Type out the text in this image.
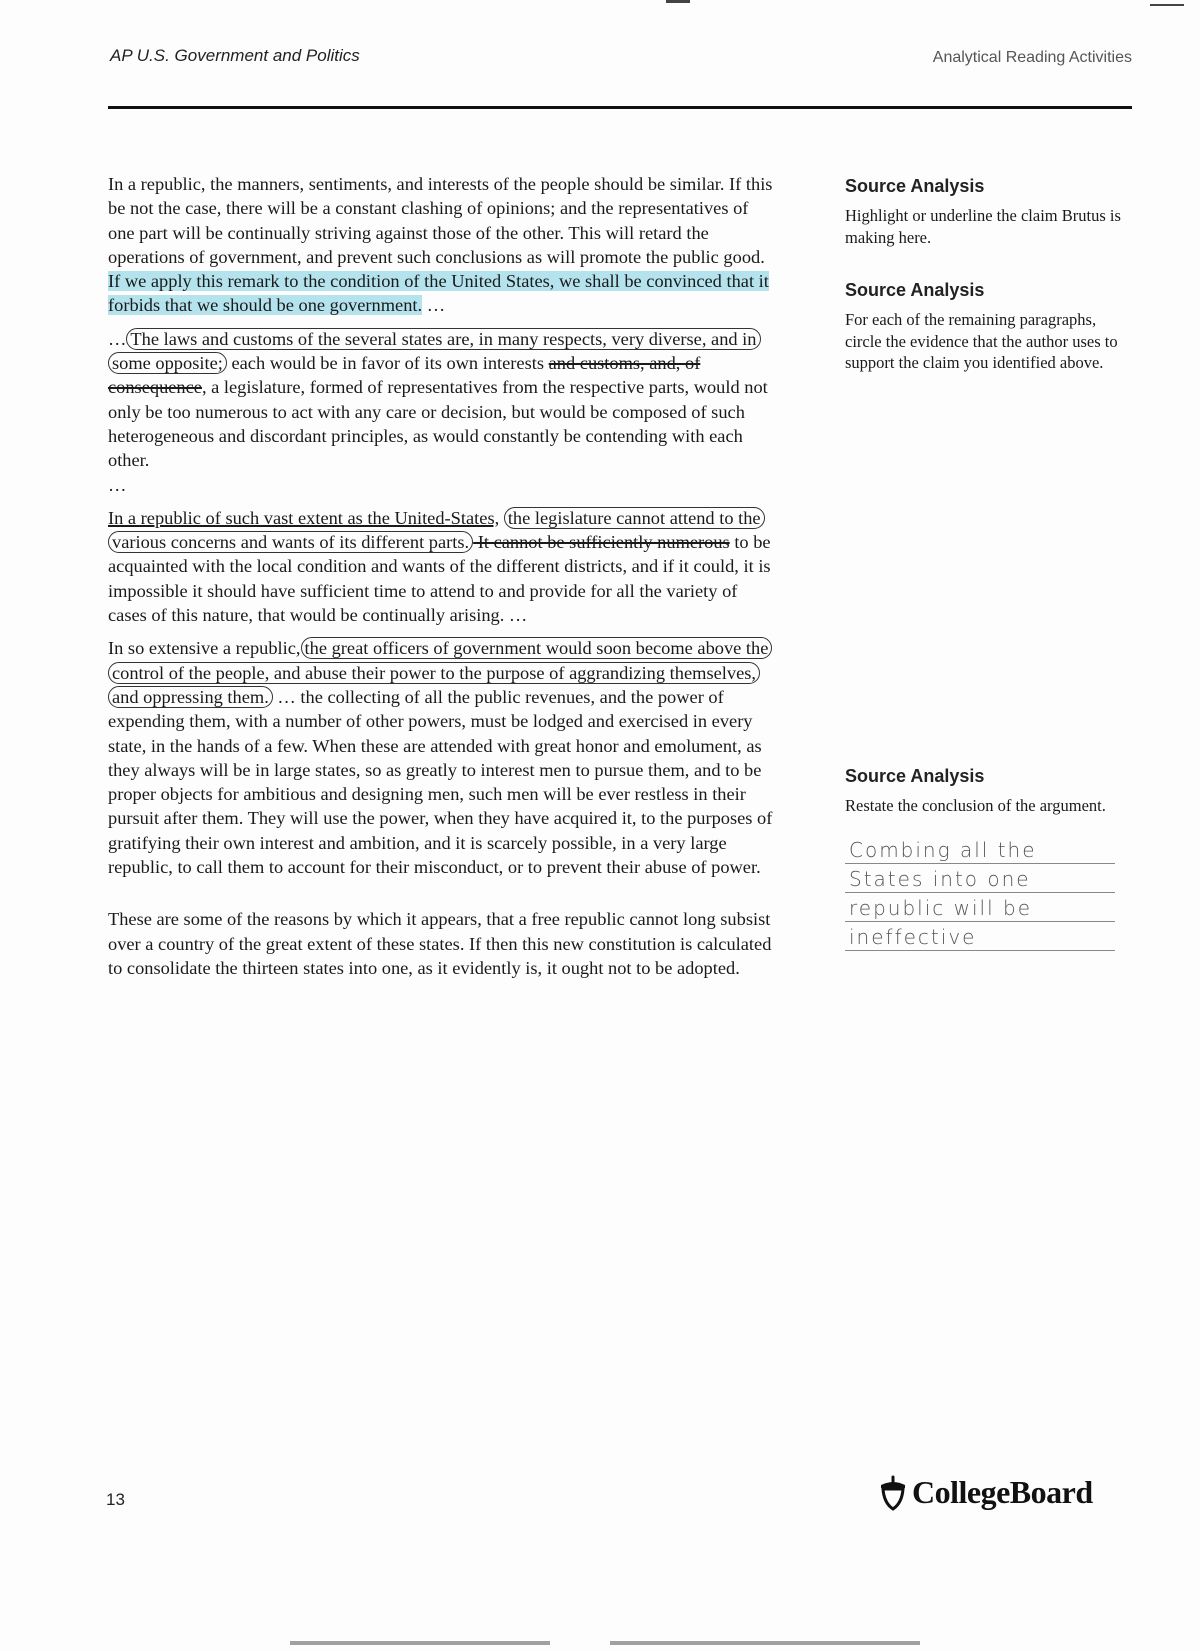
AP U.S. Government and Politics	Analytical Reading Activities

In a republic, the manners, sentiments, and interests of the people should be similar. If this be not the case, there will be a constant clashing of opinions; and the representatives of one part will be continually striving against those of the other. This will retard the operations of government, and prevent such conclusions as will promote the public good. If we apply this remark to the condition of the United States, we shall be convinced that it forbids that we should be one government. …

… The laws and customs of the several states are, in many respects, very diverse, and in some opposite; each would be in favor of its own interests and customs, and, of consequence, a legislature, formed of representatives from the respective parts, would not only be too numerous to act with any care or decision, but would be composed of such heterogeneous and discordant principles, as would constantly be contending with each other.
…

In a republic of such vast extent as the United-States, the legislature cannot attend to the various concerns and wants of its different parts. It cannot be sufficiently numerous to be acquainted with the local condition and wants of the different districts, and if it could, it is impossible it should have sufficient time to attend to and provide for all the variety of cases of this nature, that would be continually arising. …

In so extensive a republic, the great officers of government would soon become above the control of the people, and abuse their power to the purpose of aggrandizing themselves, and oppressing them. … the collecting of all the public revenues, and the power of expending them, with a number of other powers, must be lodged and exercised in every state, in the hands of a few. When these are attended with great honor and emolument, as they always will be in large states, so as greatly to interest men to pursue them, and to be proper objects for ambitious and designing men, such men will be ever restless in their pursuit after them. They will use the power, when they have acquired it, to the purposes of gratifying their own interest and ambition, and it is scarcely possible, in a very large republic, to call them to account for their misconduct, or to prevent their abuse of power.

These are some of the reasons by which it appears, that a free republic cannot long subsist over a country of the great extent of these states. If then this new constitution is calculated to consolidate the thirteen states into one, as it evidently is, it ought not to be adopted.

Source Analysis

Highlight or underline the claim Brutus is making here.

Source Analysis

For each of the remaining paragraphs, circle the evidence that the author uses to support the claim you identified above.

Source Analysis

Restate the conclusion of the argument.

Combing all the
States into one
republic will be
ineffective
13	CollegeBoard
